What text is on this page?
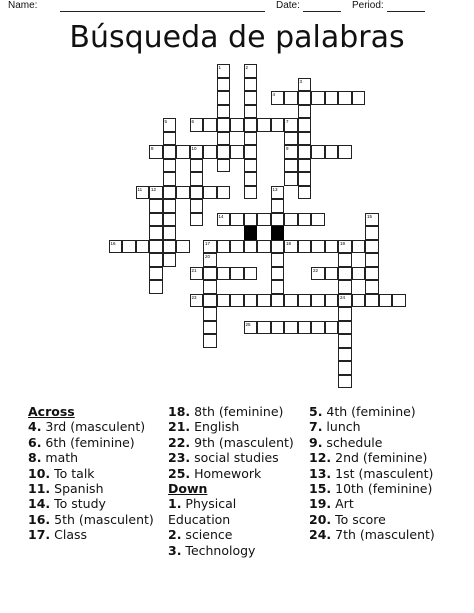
Name:	Date:	Period:
Búsqueda de palabras
1	2
3
4
5	6	7
9
8	10
11 12	13
14	15
16	17	18	19
24
20
21	22
23
25
Across
4. 3rd (masculent)
6. 6th (feminine)
8. math
10. To talk
11. Spanish
14. To study
16. 5th (masculent)
17. Class
18. 8th (feminine)
21. English
22. 9th (masculent)
23. social studies
25. Homework
Down
1. Physical
Education
2. science
3. Technology
5. 4th (feminine)
7. lunch
9. schedule
12. 2nd (feminine)
13. 1st (masculent)
15. 10th (feminine)
19. Art
20. To score
24. 7th (masculent)
